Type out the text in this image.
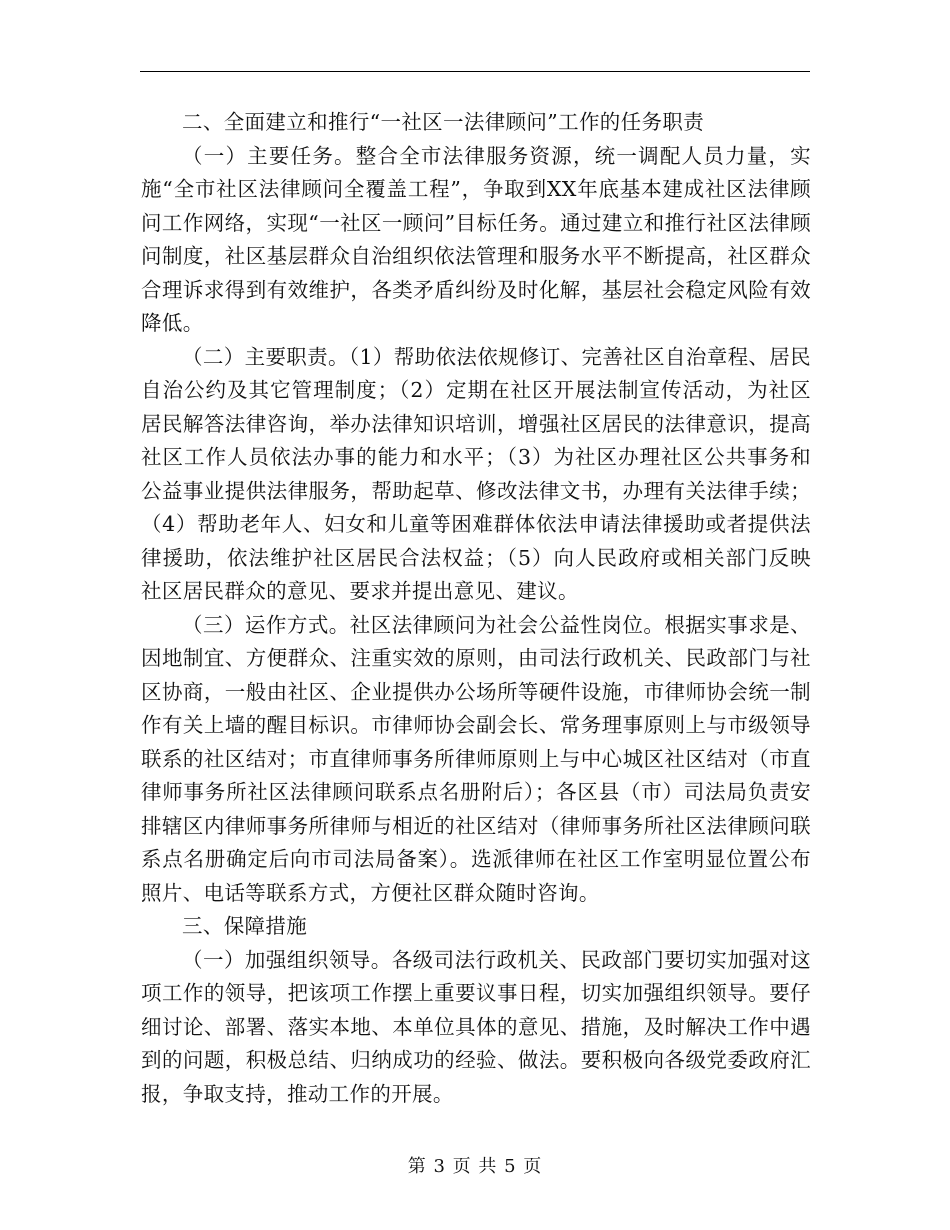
二、全面建立和推行“一社区一法律顾问”工作的任务职责

（一）主要任务。整合全市法律服务资源，统一调配人员力量，实施“全市社区法律顾问全覆盖工程”，争取到XX年底基本建成社区法律顾问工作网络，实现“一社区一顾问”目标任务。通过建立和推行社区法律顾问制度，社区基层群众自治组织依法管理和服务水平不断提高，社区群众合理诉求得到有效维护，各类矛盾纠纷及时化解，基层社会稳定风险有效降低。

（二）主要职责。（1）帮助依法依规修订、完善社区自治章程、居民自治公约及其它管理制度；（2）定期在社区开展法制宣传活动，为社区居民解答法律咨询，举办法律知识培训，增强社区居民的法律意识，提高社区工作人员依法办事的能力和水平；（3）为社区办理社区公共事务和公益事业提供法律服务，帮助起草、修改法律文书，办理有关法律手续；（4）帮助老年人、妇女和儿童等困难群体依法申请法律援助或者提供法律援助，依法维护社区居民合法权益；（5）向人民政府或相关部门反映社区居民群众的意见、要求并提出意见、建议。

（三）运作方式。社区法律顾问为社会公益性岗位。根据实事求是、因地制宜、方便群众、注重实效的原则，由司法行政机关、民政部门与社区协商，一般由社区、企业提供办公场所等硬件设施，市律师协会统一制作有关上墙的醒目标识。市律师协会副会长、常务理事原则上与市级领导联系的社区结对；市直律师事务所律师原则上与中心城区社区结对（市直律师事务所社区法律顾问联系点名册附后）；各区县（市）司法局负责安排辖区内律师事务所律师与相近的社区结对（律师事务所社区法律顾问联系点名册确定后向市司法局备案）。选派律师在社区工作室明显位置公布照片、电话等联系方式，方便社区群众随时咨询。

三、保障措施

（一）加强组织领导。各级司法行政机关、民政部门要切实加强对这项工作的领导，把该项工作摆上重要议事日程，切实加强组织领导。要仔细讨论、部署、落实本地、本单位具体的意见、措施，及时解决工作中遇到的问题，积极总结、归纳成功的经验、做法。要积极向各级党委政府汇报，争取支持，推动工作的开展。

第 3 页 共 5 页
